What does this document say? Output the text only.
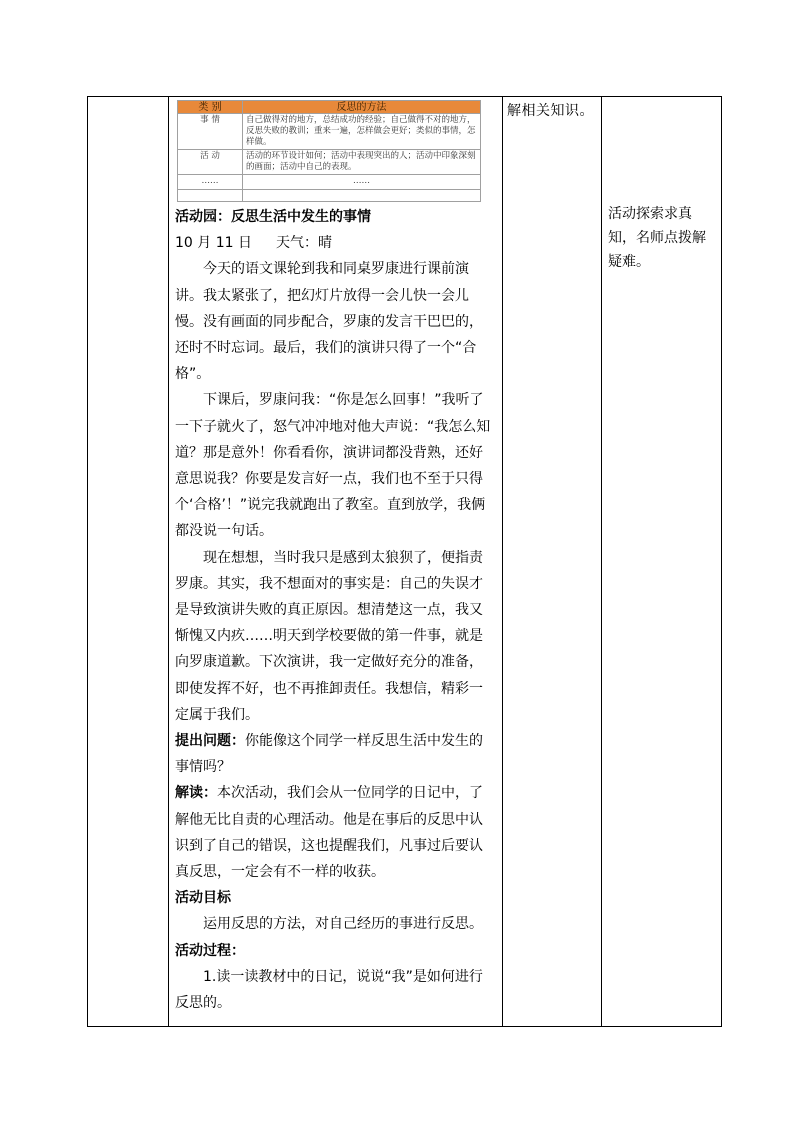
类 别	反思的方法
事 情	自己做得对的地方，总结成功的经验；自己做得不对的地方，反思失败的教训；重来一遍，怎样做会更好；类似的事情，怎样做。
活 动	活动的环节设计如何；活动中表现突出的人；活动中印象深刻的画面；活动中自己的表现。
……	……

活动园：反思生活中发生的事情

10 月 11 日 天气：晴

今天的语文课轮到我和同桌罗康进行课前演讲。我太紧张了，把幻灯片放得一会儿快一会儿慢。没有画面的同步配合，罗康的发言干巴巴的，还时不时忘词。最后，我们的演讲只得了一个“合格”。

下课后，罗康问我：“你是怎么回事！”我听了一下子就火了，怒气冲冲地对他大声说：“我怎么知道？那是意外！你看看你，演讲词都没背熟，还好意思说我？你要是发言好一点，我们也不至于只得个‘合格’！”说完我就跑出了教室。直到放学，我俩都没说一句话。

现在想想，当时我只是感到太狼狈了，便指责罗康。其实，我不想面对的事实是：自己的失误才是导致演讲失败的真正原因。想清楚这一点，我又惭愧又内疚……明天到学校要做的第一件事，就是向罗康道歉。下次演讲，我一定做好充分的准备，即使发挥不好，也不再推卸责任。我想信，精彩一定属于我们。

提出问题：你能像这个同学一样反思生活中发生的事情吗？

解读：本次活动，我们会从一位同学的日记中，了解他无比自责的心理活动。他是在事后的反思中认识到了自己的错误，这也提醒我们，凡事过后要认真反思，一定会有不一样的收获。

活动目标

运用反思的方法，对自己经历的事进行反思。

活动过程：

1.读一读教材中的日记，说说“我”是如何进行反思的。

解相关知识。

活动探索求真知，名师点拨解疑难。
